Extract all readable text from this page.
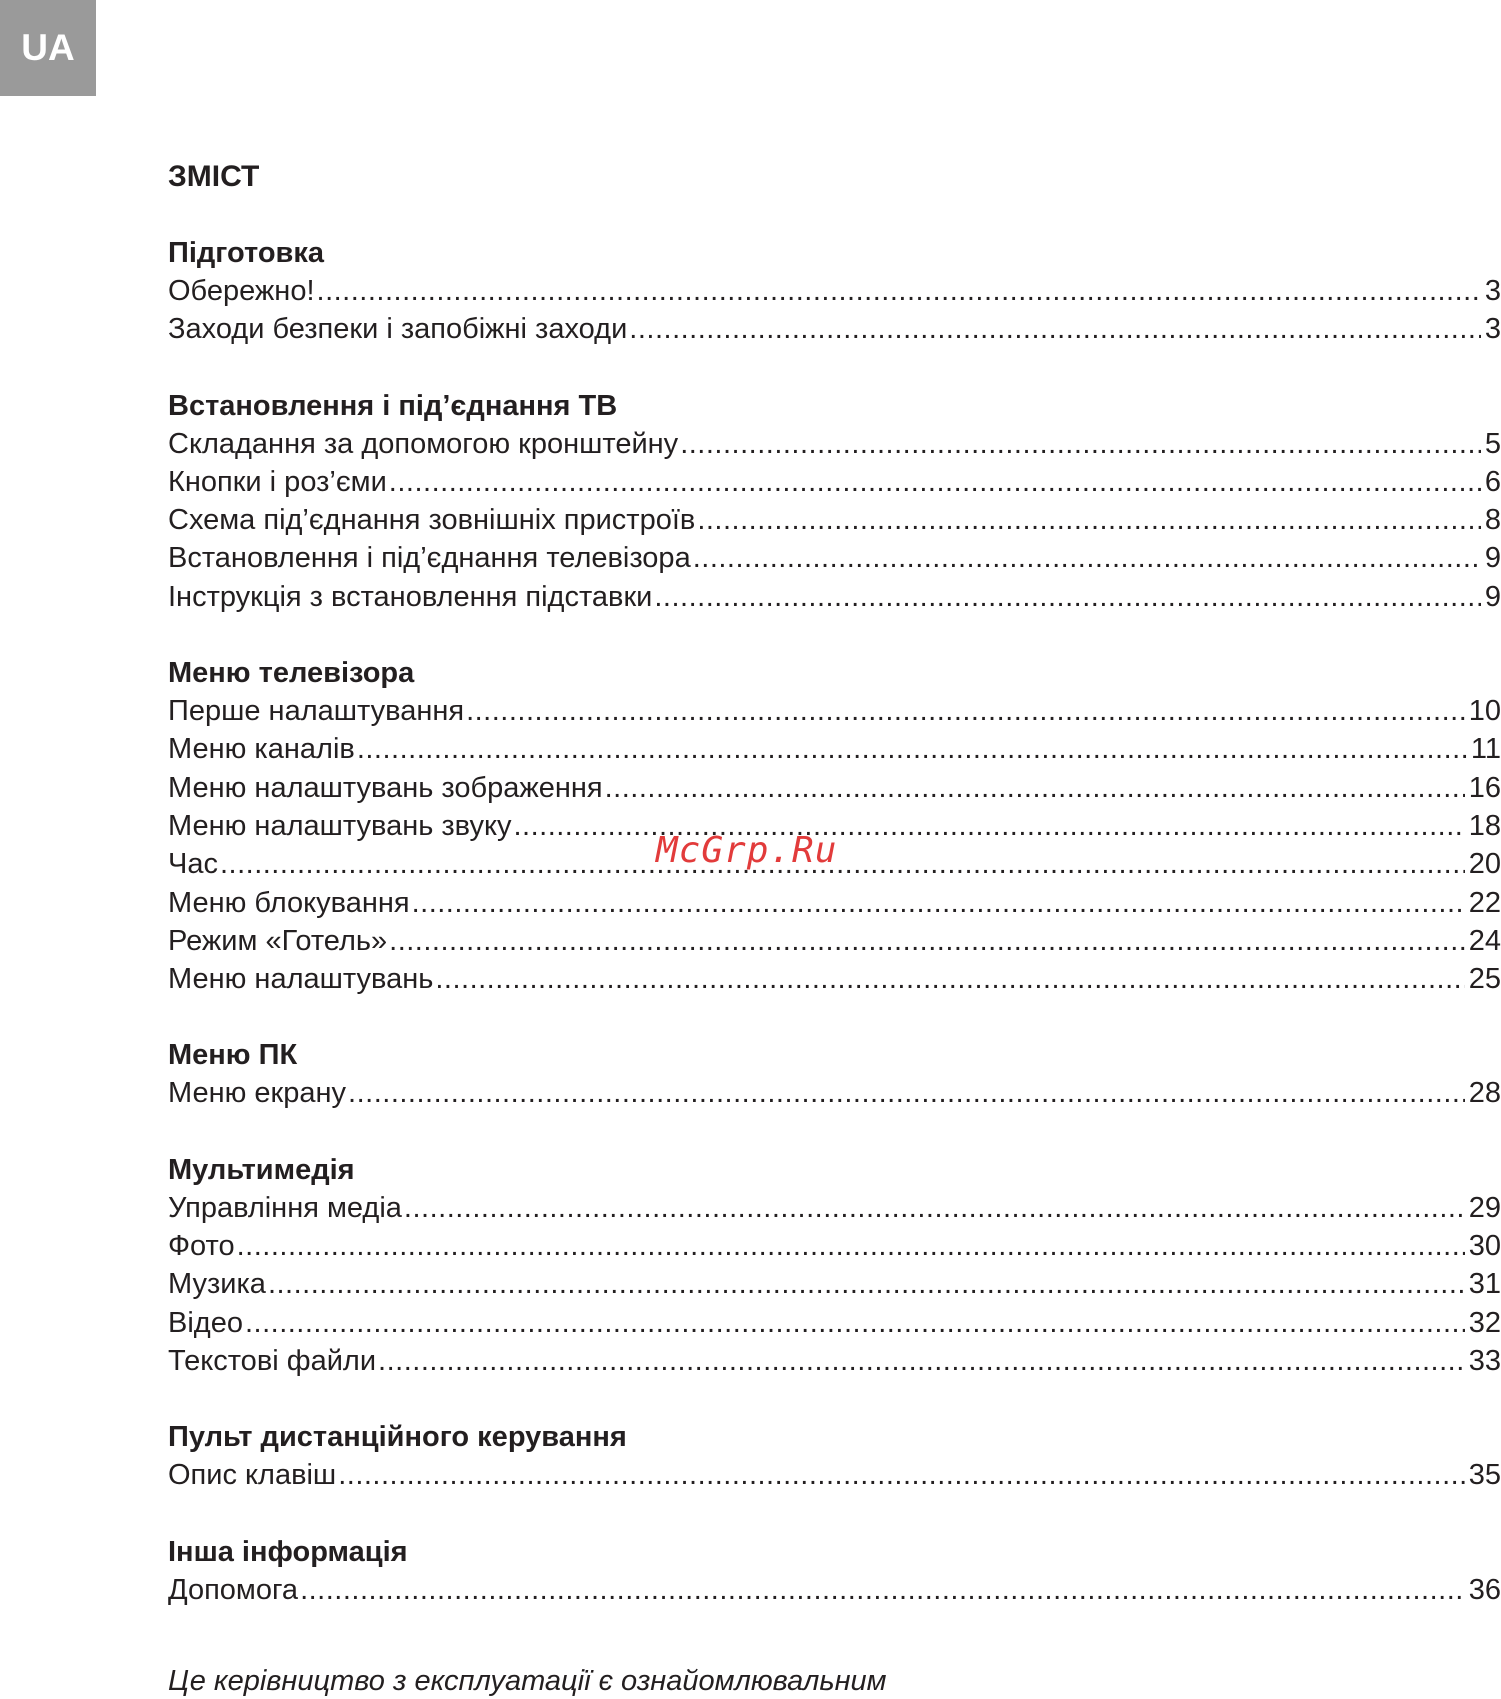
UA
ЗМІСТ
Підготовка
Обережно! .....	3
Заходи безпеки і запобіжні заходи .....	3
Встановлення і під’єднання ТВ
Складання за допомогою кронштейну .....	5
Кнопки і роз’єми .....	6
Схема під’єднання зовнішніх пристроїв .....	8
Встановлення і під’єднання телевізора .....	9
Інструкція з встановлення підставки .....	9
Меню телевізора
Перше налаштування .....	10
Меню каналів .....	11
Меню налаштувань зображення .....	16
Меню налаштувань звуку .....	18
Час .....	20
Меню блокування .....	22
Режим «Готель» .....	24
Меню налаштувань .....	25
Меню ПК
Меню екрану .....	28
Мультимедія
Управління медіа .....	29
Фото .....	30
Музика .....	31
Відео .....	32
Текстові файли .....	33
Пульт дистанційного керування
Опис клавіш .....	35
Інша інформація
Допомога .....	36
McGrp.Ru
Це керівництво з експлуатації є ознайомлювальним
